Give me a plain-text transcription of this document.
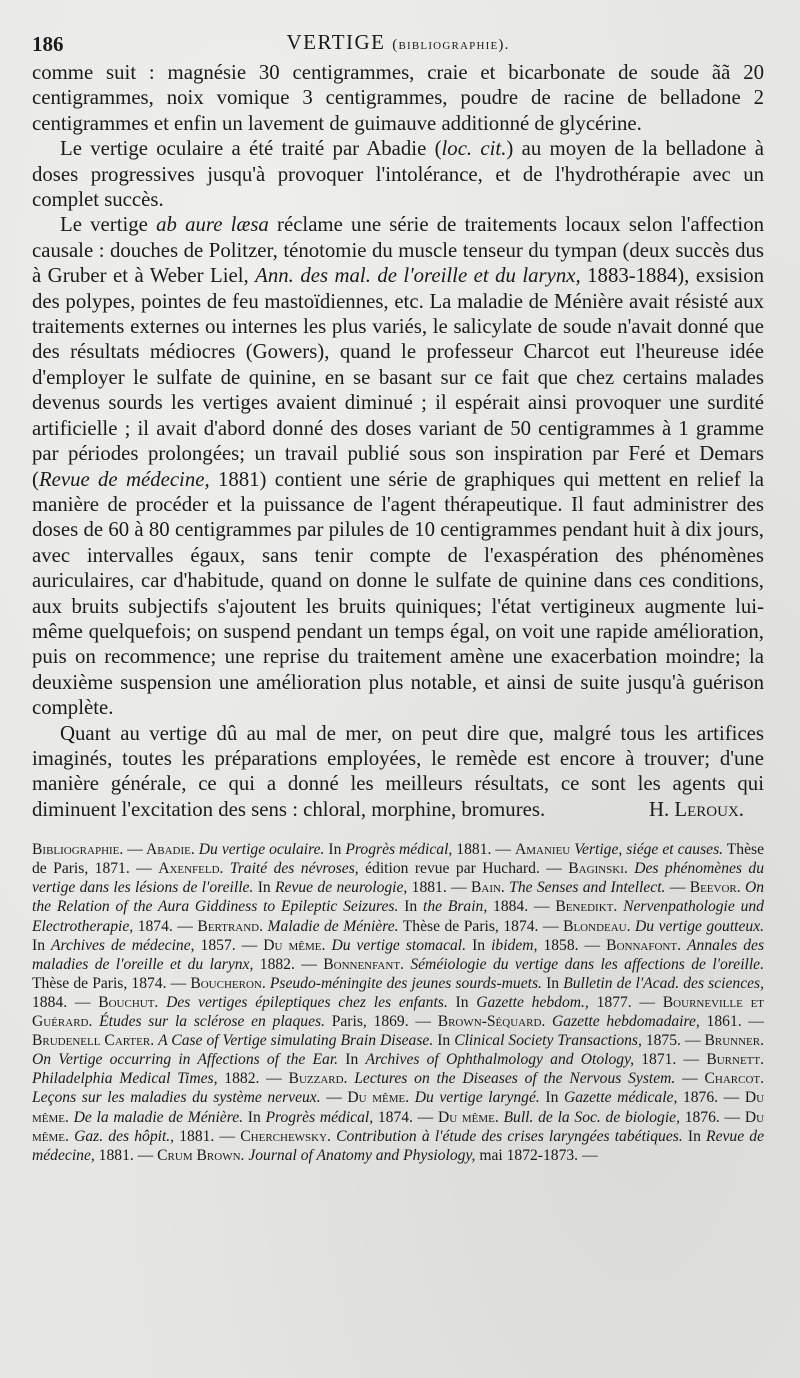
186	VERTIGE (bibliographie).

comme suit : magnésie 30 centigrammes, craie et bicarbonate de soude ãã 20 centigrammes, noix vomique 3 centigrammes, poudre de racine de belladone 2 centigrammes et enfin un lavement de guimauve additionné de glycérine.

Le vertige oculaire a été traité par Abadie (loc. cit.) au moyen de la belladone à doses progressives jusqu'à provoquer l'intolérance, et de l'hydrothérapie avec un complet succès.

Le vertige ab aure læsa réclame une série de traitements locaux selon l'affection causale : douches de Politzer, ténotomie du muscle tenseur du tympan (deux succès dus à Gruber et à Weber Liel, Ann. des mal. de l'oreille et du larynx, 1883-1884), exsision des polypes, pointes de feu mastoïdiennes, etc. La maladie de Ménière avait résisté aux traitements externes ou internes les plus variés, le salicylate de soude n'avait donné que des résultats médiocres (Gowers), quand le professeur Charcot eut l'heureuse idée d'employer le sulfate de quinine, en se basant sur ce fait que chez certains malades devenus sourds les vertiges avaient diminué ; il espérait ainsi provoquer une surdité artificielle ; il avait d'abord donné des doses variant de 50 centigrammes à 1 gramme par périodes prolongées; un travail publié sous son inspiration par Feré et Demars (Revue de médecine, 1881) contient une série de graphiques qui mettent en relief la manière de procéder et la puissance de l'agent thérapeutique. Il faut administrer des doses de 60 à 80 centigrammes par pilules de 10 centigrammes pendant huit à dix jours, avec intervalles égaux, sans tenir compte de l'exaspération des phénomènes auriculaires, car d'habitude, quand on donne le sulfate de quinine dans ces conditions, aux bruits subjectifs s'ajoutent les bruits quiniques; l'état vertigineux augmente lui-même quelquefois; on suspend pendant un temps égal, on voit une rapide amélioration, puis on recommence; une reprise du traitement amène une exacerbation moindre; la deuxième suspension une amélioration plus notable, et ainsi de suite jusqu'à guérison complète.

Quant au vertige dû au mal de mer, on peut dire que, malgré tous les artifices imaginés, toutes les préparations employées, le remède est encore à trouver; d'une manière générale, ce qui a donné les meilleurs résultats, ce sont les agents qui diminuent l'excitation des sens : chloral, morphine, bromures.	H. Leroux.

Bibliographie. — Abadie. Du vertige oculaire. In Progrès médical, 1881. — Amanieu Vertige, siége et causes. Thèse de Paris, 1871. — Axenfeld. Traité des névroses, édition revue par Huchard. — Baginski. Des phénomènes du vertige dans les lésions de l'oreille. In Revue de neurologie, 1881. — Bain. The Senses and Intellect. — Beevor. On the Relation of the Aura Giddiness to Epileptic Seizures. In the Brain, 1884. — Benedikt. Nervenpathologie und Electrotherapie, 1874. — Bertrand. Maladie de Ménière. Thèse de Paris, 1874. — Blondeau. Du vertige goutteux. In Archives de médecine, 1857. — Du même. Du vertige stomacal. In ibidem, 1858. — Bonnafont. Annales des maladies de l'oreille et du larynx, 1882. — Bonnenfant. Séméiologie du vertige dans les affections de l'oreille. Thèse de Paris, 1874. — Boucheron. Pseudo-méningite des jeunes sourds-muets. In Bulletin de l'Acad. des sciences, 1884. — Bouchut. Des vertiges épileptiques chez les enfants. In Gazette hebdom., 1877. — Bourneville et Guérard. Études sur la sclérose en plaques. Paris, 1869. — Brown-Séquard. Gazette hebdomadaire, 1861. — Brudenell Carter. A Case of Vertige simulating Brain Disease. In Clinical Society Transactions, 1875. — Brunner. On Vertige occurring in Affections of the Ear. In Archives of Ophthalmology and Otology, 1871. — Burnett. Philadelphia Medical Times, 1882. — Buzzard. Lectures on the Diseases of the Nervous System. — Charcot. Leçons sur les maladies du système nerveux. — Du même. Du vertige laryngé. In Gazette médicale, 1876. — Du même. De la maladie de Ménière. In Progrès médical, 1874. — Du même. Bull. de la Soc. de biologie, 1876. — Du même. Gaz. des hôpit., 1881. — Cherchewsky. Contribution à l'étude des crises laryngées tabétiques. In Revue de médecine, 1881. — Crum Brown. Journal of Anatomy and Physiology, mai 1872-1873. —
